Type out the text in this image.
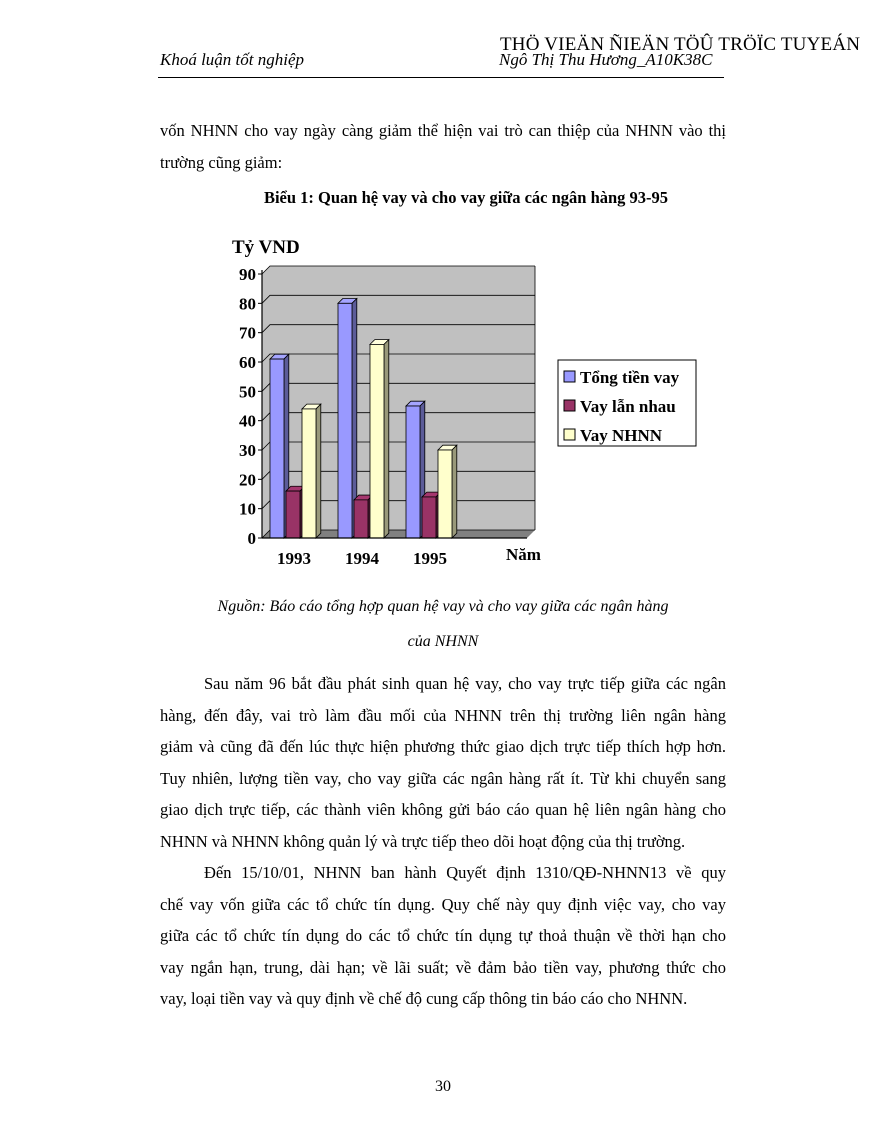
THÖ VIEÄN ÑIEÄN TÖÛ TRÖÏC TUYEÁN
Khoá luận tốt nghiệp	Ngô Thị Thu Hương_A10K38C
vốn NHNN cho vay ngày càng giảm thể hiện vai trò can thiệp của NHNN vào thị
trường cũng giảm:
Biểu 1: Quan hệ vay và cho vay giữa các ngân hàng 93-95
0
10
20
30
40
50
60
70
80
90
1993 1994 1995
Tỷ VND
Năm
Tổng tiền vay
Vay lẫn nhau
Vay NHNN
Nguồn: Báo cáo tổng hợp quan hệ vay và cho vay giữa các ngân hàng
của NHNN
Sau năm 96 bắt đầu phát sinh quan hệ vay, cho vay trực tiếp giữa các ngân
hàng, đến đây, vai trò làm đầu mối của NHNN trên thị trường liên ngân hàng
giảm và cũng đã đến lúc thực hiện phương thức giao dịch trực tiếp thích hợp hơn.
Tuy nhiên, lượng tiền vay, cho vay giữa các ngân hàng rất ít. Từ khi chuyển sang
giao dịch trực tiếp, các thành viên không gửi báo cáo quan hệ liên ngân hàng cho
NHNN và NHNN không quản lý và trực tiếp theo dõi hoạt động của thị trường.
Đến 15/10/01, NHNN ban hành Quyết định 1310/QĐ-NHNN13 về quy
chế vay vốn giữa các tổ chức tín dụng. Quy chế này quy định việc vay, cho vay
giữa các tổ chức tín dụng do các tổ chức tín dụng tự thoả thuận về thời hạn cho
vay ngắn hạn, trung, dài hạn; về lãi suất; về đảm bảo tiền vay, phương thức cho
vay, loại tiền vay và quy định về chế độ cung cấp thông tin báo cáo cho NHNN.
30
